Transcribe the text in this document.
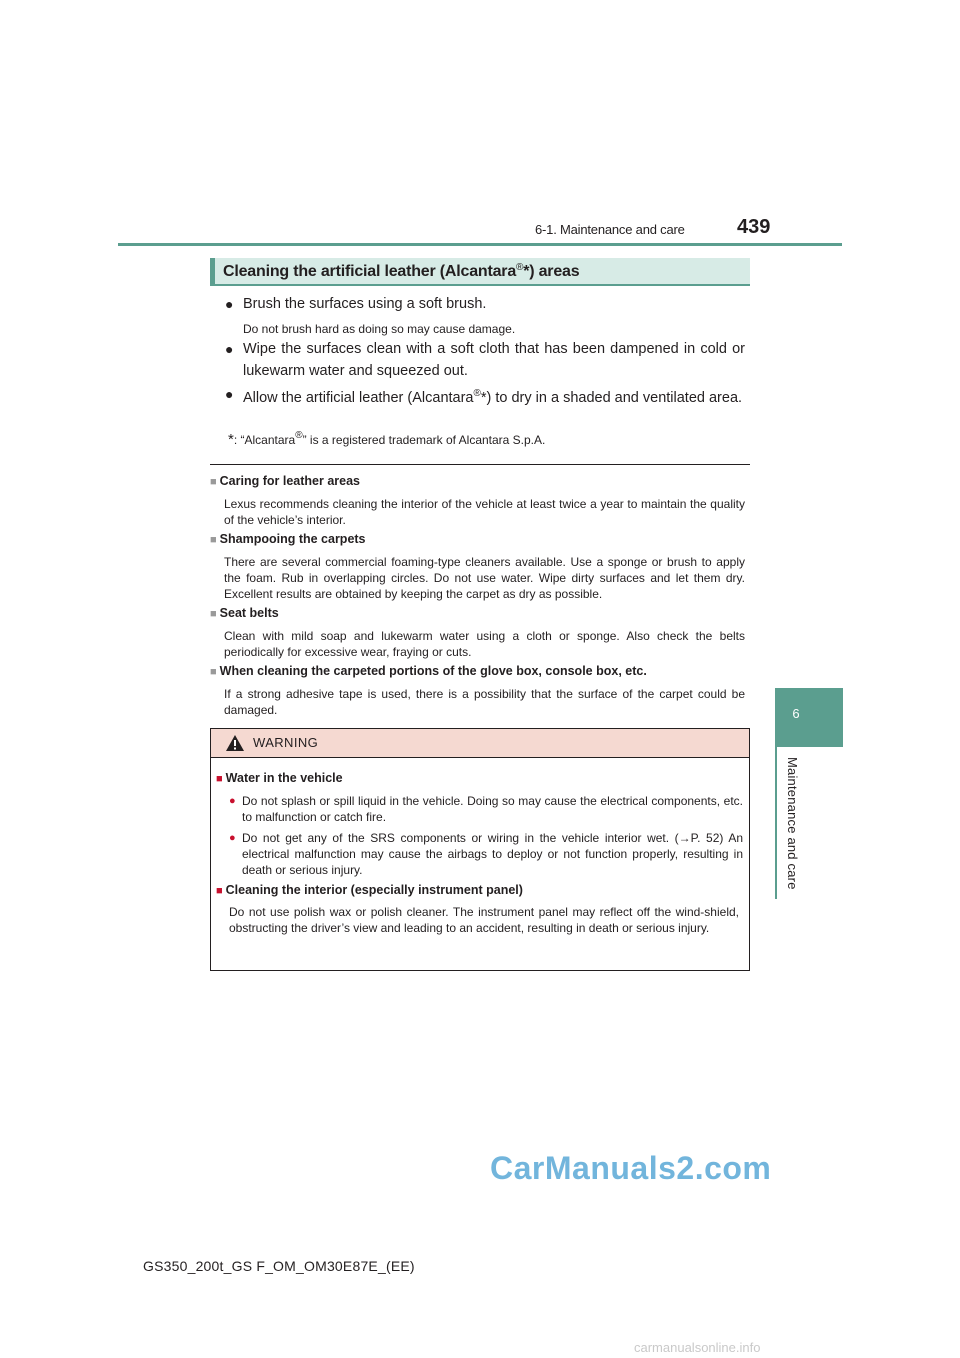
6-1. Maintenance and care	439
6
Maintenance and care
Cleaning the artificial leather (Alcantara®*) areas
● Brush the surfaces using a soft brush.
Do not brush hard as doing so may cause damage.
● Wipe the surfaces clean with a soft cloth that has been dampened in cold or lukewarm water and squeezed out.
● Allow the artificial leather (Alcantara®*) to dry in a shaded and ventilated area.
*: “Alcantara®” is a registered trademark of Alcantara S.p.A.
■ Caring for leather areas
Lexus recommends cleaning the interior of the vehicle at least twice a year to maintain the quality of the vehicle’s interior.
■ Shampooing the carpets
There are several commercial foaming-type cleaners available. Use a sponge or brush to apply the foam. Rub in overlapping circles. Do not use water. Wipe dirty surfaces and let them dry. Excellent results are obtained by keeping the carpet as dry as possible.
■ Seat belts
Clean with mild soap and lukewarm water using a cloth or sponge. Also check the belts periodically for excessive wear, fraying or cuts.
■ When cleaning the carpeted portions of the glove box, console box, etc.
If a strong adhesive tape is used, there is a possibility that the surface of the carpet could be damaged.
WARNING
■ Water in the vehicle
● Do not splash or spill liquid in the vehicle. Doing so may cause the electrical components, etc. to malfunction or catch fire.
● Do not get any of the SRS components or wiring in the vehicle interior wet. (→P. 52) An electrical malfunction may cause the airbags to deploy or not function properly, resulting in death or serious injury.
■ Cleaning the interior (especially instrument panel)
Do not use polish wax or polish cleaner. The instrument panel may reflect off the wind-shield, obstructing the driver’s view and leading to an accident, resulting in death or serious injury.
CarManuals2.com
GS350_200t_GS F_OM_OM30E87E_(EE)
carmanualsonline.info
